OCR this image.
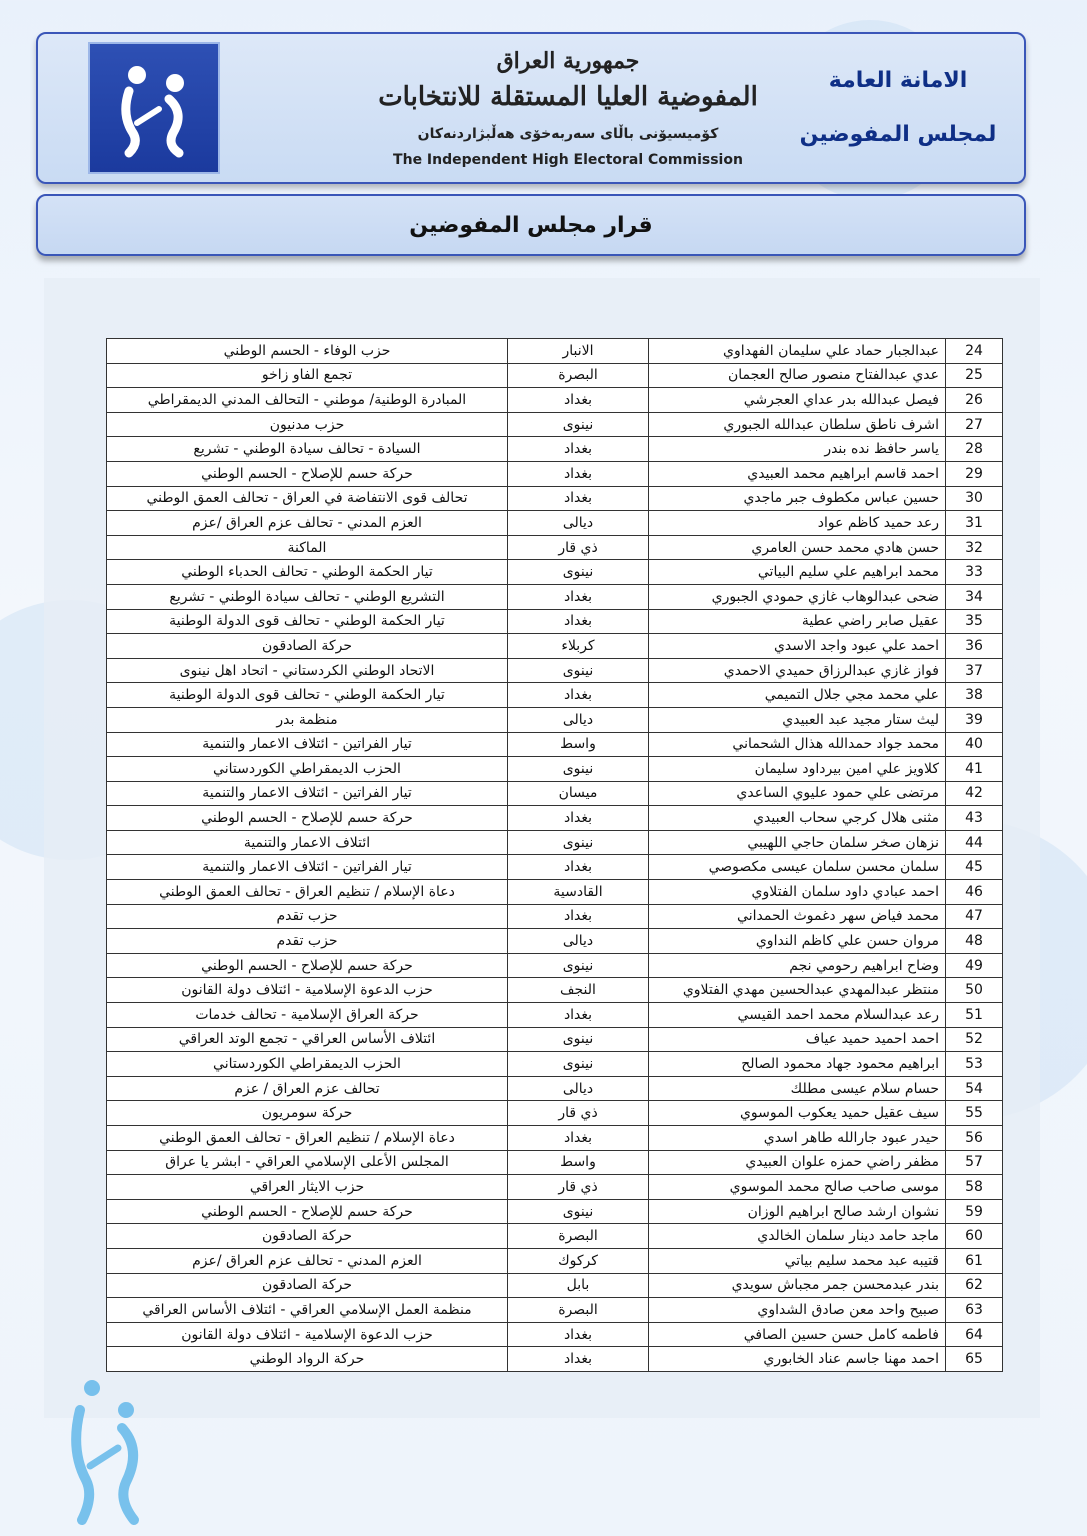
جمهورية العراق
المفوضية العليا المستقلة للانتخابات
كۆمیسیۆنی باڵای سەربەخۆی هەڵبژاردنەکان
The Independent High Electoral Commission
الامانة العامة
لمجلس المفوضين
قرار مجلس المفوضين
24	عبدالجبار حماد علي سليمان الفهداوي	الانبار	حزب الوفاء - الحسم الوطني
25	عدي عبدالفتاح منصور صالح العجمان	البصرة	تجمع الفاو زاخو
26	فيصل عبدالله بدر عداي العجرشي	بغداد	المبادرة الوطنية/ موطني - التحالف المدني الديمقراطي
27	اشرف ناطق سلطان عبدالله الجبوري	نينوى	حزب مدنيون
28	ياسر حافظ نده بندر	بغداد	السيادة - تحالف سيادة الوطني - تشريع
29	احمد قاسم ابراهيم محمد العبيدي	بغداد	حركة حسم للإصلاح - الحسم الوطني
30	حسين عباس مكطوف جبر ماجدي	بغداد	تحالف قوى الانتفاضة في العراق - تحالف العمق الوطني
31	رعد حميد كاظم عواد	ديالى	العزم المدني - تحالف عزم العراق /عزم
32	حسن هادي محمد حسن العامري	ذي قار	الماكنة
33	محمد ابراهيم علي سليم البياتي	نينوى	تيار الحكمة الوطني - تحالف الحدباء الوطني
34	ضحى عبدالوهاب غازي حمودي الجبوري	بغداد	التشريع الوطني - تحالف سيادة الوطني - تشريع
35	عقيل صابر راضي عطية	بغداد	تيار الحكمة الوطني - تحالف قوى الدولة الوطنية
36	احمد علي عبود واجد الاسدي	كربلاء	حركة الصادقون
37	فواز غازي عبدالرزاق حميدي الاحمدي	نينوى	الاتحاد الوطني الكردستاني - اتحاد اهل نينوى
38	علي محمد مجي جلال التميمي	بغداد	تيار الحكمة الوطني - تحالف قوى الدولة الوطنية
39	ليث ستار مجيد عبد العبيدي	ديالى	منظمة بدر
40	محمد جواد حمدالله هذال الشحماني	واسط	تيار الفراتين - ائتلاف الاعمار والتنمية
41	كلاويز علي امين بيرداود سليمان	نينوى	الحزب الديمقراطي الكوردستاني
42	مرتضى علي حمود عليوي الساعدي	ميسان	تيار الفراتين - ائتلاف الاعمار والتنمية
43	مثنى هلال كرجي سحاب العبيدي	بغداد	حركة حسم للإصلاح - الحسم الوطني
44	نزهان صخر سلمان حاجي اللهيبي	نينوى	ائتلاف الاعمار والتنمية
45	سلمان محسن سلمان عيسى مكصوصي	بغداد	تيار الفراتين - ائتلاف الاعمار والتنمية
46	احمد عبادي داود سلمان الفتلاوي	القادسية	دعاة الإسلام / تنظيم العراق - تحالف العمق الوطني
47	محمد فياض سهر دغموث الحمداني	بغداد	حزب تقدم
48	مروان حسن علي كاظم النداوي	ديالى	حزب تقدم
49	وضاح ابراهيم رحومي نجم	نينوى	حركة حسم للإصلاح - الحسم الوطني
50	منتظر عبدالمهدي عبدالحسين مهدي الفتلاوي	النجف	حزب الدعوة الإسلامية - ائتلاف دولة القانون
51	رعد عبدالسلام محمد احمد القيسي	بغداد	حركة العراق الإسلامية - تحالف خدمات
52	احمد احميد حميد عياف	نينوى	ائتلاف الأساس العراقي - تجمع الوتد العراقي
53	ابراهيم محمود جهاد محمود الصالح	نينوى	الحزب الديمقراطي الكوردستاني
54	حسام سلام عيسى مطلك	ديالى	تحالف عزم العراق / عزم
55	سيف عقيل حميد يعكوب الموسوي	ذي قار	حركة سومريون
56	حيدر عبود جارالله طاهر اسدي	بغداد	دعاة الإسلام / تنظيم العراق - تحالف العمق الوطني
57	مظفر راضي حمزه علوان العبيدي	واسط	المجلس الأعلى الإسلامي العراقي - ابشر يا عراق
58	موسى صاحب صالح محمد الموسوي	ذي قار	حزب الايثار العراقي
59	نشوان ارشد صالح ابراهيم الوزان	نينوى	حركة حسم للإصلاح - الحسم الوطني
60	ماجد حامد دينار سلمان الخالدي	البصرة	حركة الصادقون
61	قتيبه عبد محمد سليم بياتي	كركوك	العزم المدني - تحالف عزم العراق /عزم
62	بندر عبدمحسن جمر مجباش سويدي	بابل	حركة الصادقون
63	صبيح واحد معن صادق الشداوي	البصرة	منظمة العمل الإسلامي العراقي - ائتلاف الأساس العراقي
64	فاطمه كامل حسن حسين الصافي	بغداد	حزب الدعوة الإسلامية - ائتلاف دولة القانون
65	احمد مهنا جاسم عناد الخابوري	بغداد	حركة الرواد الوطني
